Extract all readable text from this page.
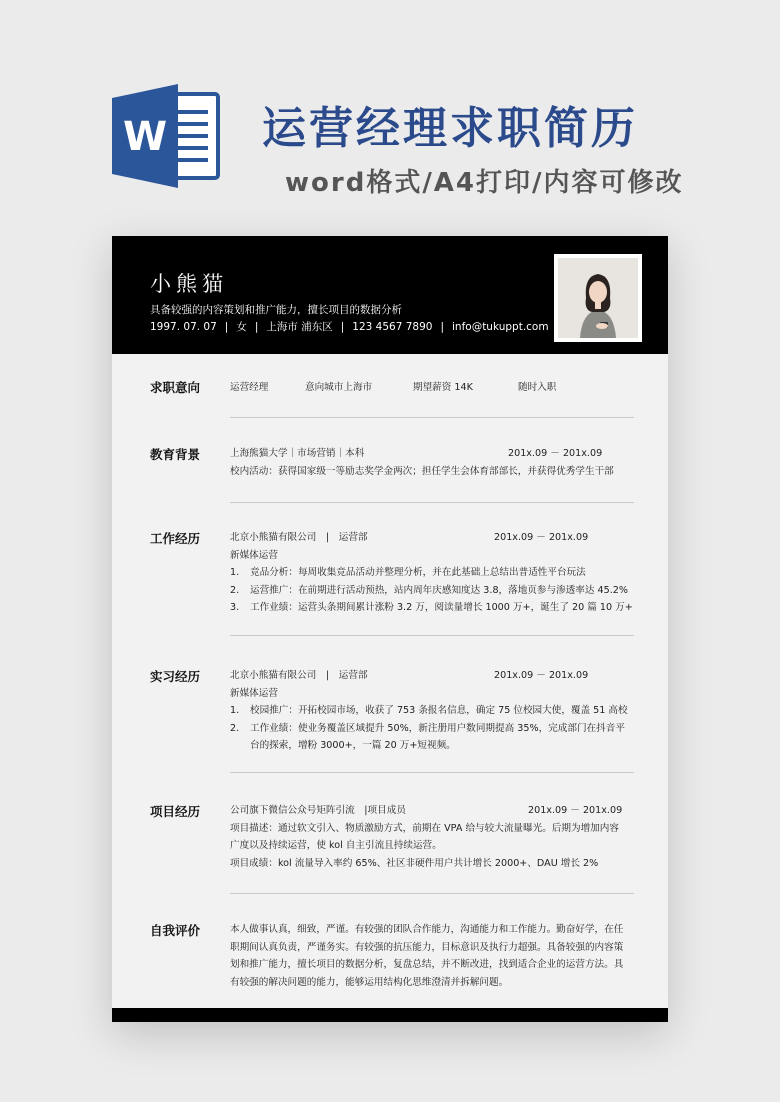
W 运营经理求职简历
word格式/A4打印/内容可修改
小熊猫
具备较强的内容策划和推广能力，擅长项目的数据分析
1997. 07. 07 | 女 | 上海市 浦东区 | 123 4567 7890 | info@tukuppt.com
求职意向	运营经理	意向城市上海市	期望薪资 14K	随时入职
教育背景	上海熊猫大学｜市场营销｜本科	201x.09 － 201x.09
校内活动：获得国家级一等励志奖学金两次；担任学生会体育部部长，并获得优秀学生干部
工作经历	北京小熊猫有限公司　|　运营部	201x.09 － 201x.09
新媒体运营
1. 竞品分析：每周收集竞品活动并整理分析，并在此基础上总结出普适性平台玩法
2. 运营推广：在前期进行活动预热，站内周年庆感知度达 3.8，落地页参与渗透率达 45.2%
3. 工作业绩：运营头条期间累计涨粉 3.2 万，阅读量增长 1000 万+，诞生了 20 篇 10 万+
实习经历	北京小熊猫有限公司　|　运营部	201x.09 － 201x.09
新媒体运营
1. 校园推广：开拓校园市场，收获了 753 条报名信息，确定 75 位校园大使，覆盖 51 高校
2. 工作业绩：使业务覆盖区域提升 50%，新注册用户数同期提高 35%，完成部门在抖音平
台的探索，增粉 3000+，一篇 20 万+短视频。
项目经历	公司旗下微信公众号矩阵引流　|项目成员	201x.09 － 201x.09
项目描述：通过软文引入、物质激励方式，前期在 VPA 给与较大流量曝光。后期为增加内容
广度以及持续运营，使 kol 自主引流且持续运营。
项目成绩：kol 流量导入率约 65%、社区非硬件用户共计增长 2000+、DAU 增长 2%
自我评价	本人做事认真，细致，严谨。有较强的团队合作能力，沟通能力和工作能力。勤奋好学，在任
职期间认真负责，严谨务实。有较强的抗压能力，目标意识及执行力超强。具备较强的内容策
划和推广能力，擅长项目的数据分析，复盘总结，并不断改进，找到适合企业的运营方法。具
有较强的解决问题的能力，能够运用结构化思维澄清并拆解问题。
